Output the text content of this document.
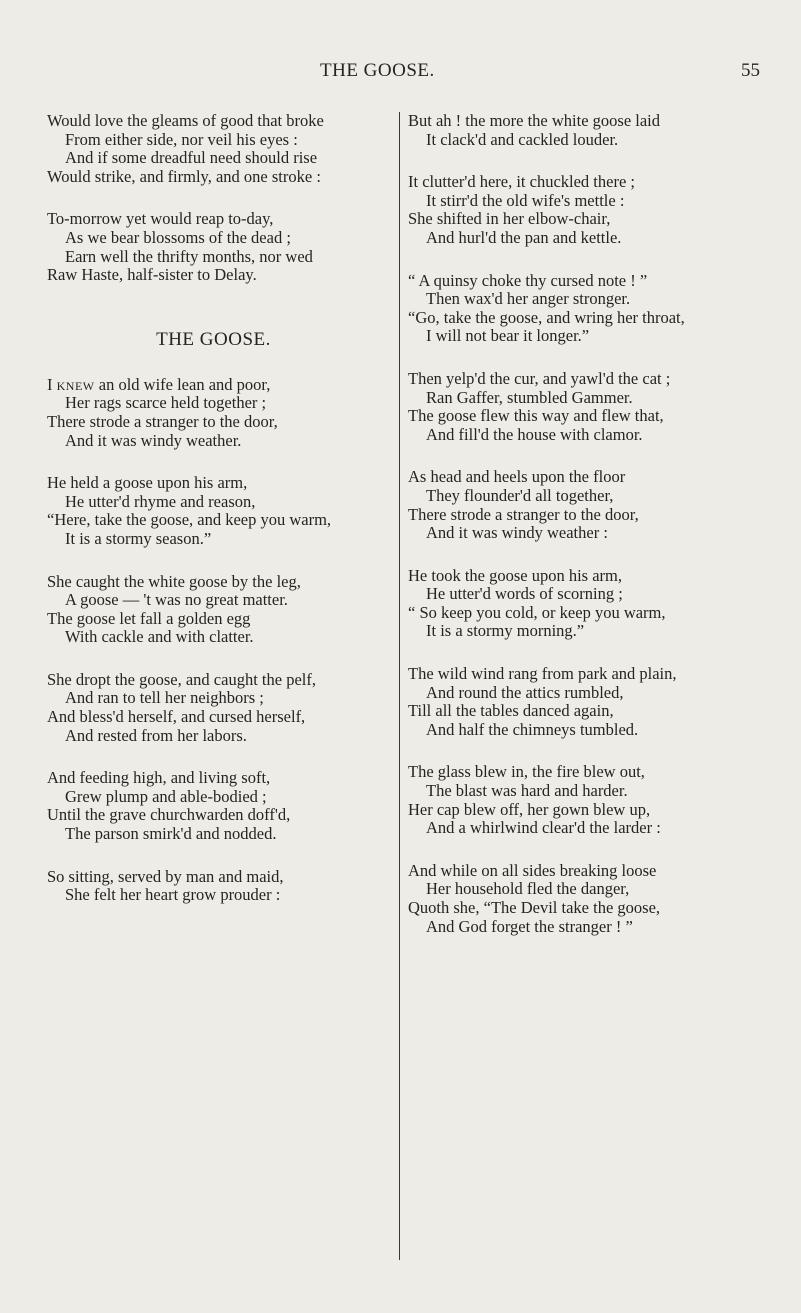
THE GOOSE.	55
Would love the gleams of good that broke
From either side, nor veil his eyes :
And if some dreadful need should rise
Would strike, and firmly, and one stroke :
To-morrow yet would reap to-day,
As we bear blossoms of the dead ;
Earn well the thrifty months, nor wed
Raw Haste, half-sister to Delay.
THE GOOSE.
I knew an old wife lean and poor,
Her rags scarce held together ;
There strode a stranger to the door,
And it was windy weather.
He held a goose upon his arm,
He utter'd rhyme and reason,
“Here, take the goose, and keep you warm,
It is a stormy season.”
She caught the white goose by the leg,
A goose — 't was no great matter.
The goose let fall a golden egg
With cackle and with clatter.
She dropt the goose, and caught the pelf,
And ran to tell her neighbors ;
And bless'd herself, and cursed herself,
And rested from her labors.
And feeding high, and living soft,
Grew plump and able-bodied ;
Until the grave churchwarden doff'd,
The parson smirk'd and nodded.
So sitting, served by man and maid,
She felt her heart grow prouder :
But ah ! the more the white goose laid
It clack'd and cackled louder.
It clutter'd here, it chuckled there ;
It stirr'd the old wife's mettle :
She shifted in her elbow-chair,
And hurl'd the pan and kettle.
“ A quinsy choke thy cursed note ! ”
Then wax'd her anger stronger.
“Go, take the goose, and wring her throat,
I will not bear it longer.”
Then yelp'd the cur, and yawl'd the cat ;
Ran Gaffer, stumbled Gammer.
The goose flew this way and flew that,
And fill'd the house with clamor.
As head and heels upon the floor
They flounder'd all together,
There strode a stranger to the door,
And it was windy weather :
He took the goose upon his arm,
He utter'd words of scorning ;
“ So keep you cold, or keep you warm,
It is a stormy morning.”
The wild wind rang from park and plain,
And round the attics rumbled,
Till all the tables danced again,
And half the chimneys tumbled.
The glass blew in, the fire blew out,
The blast was hard and harder.
Her cap blew off, her gown blew up,
And a whirlwind clear'd the larder :
And while on all sides breaking loose
Her household fled the danger,
Quoth she, “The Devil take the goose,
And God forget the stranger ! ”
